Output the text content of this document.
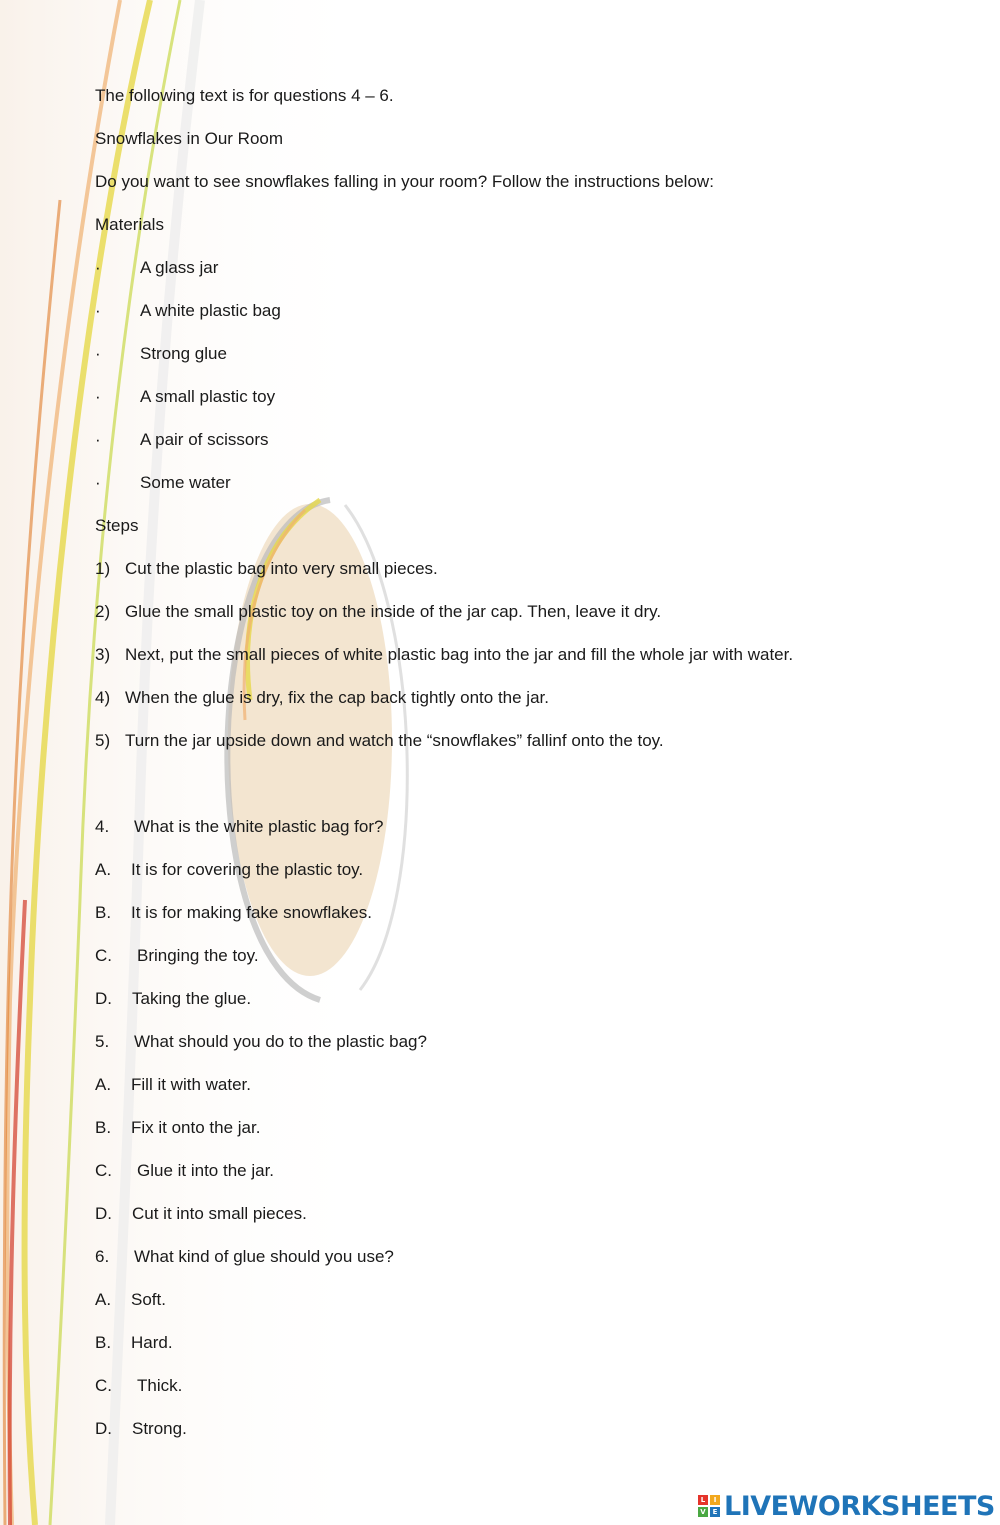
The following text is for questions 4 – 6.
Snowflakes in Our Room
Do you want to see snowflakes falling in your room? Follow the instructions below:
Materials
· A glass jar
· A white plastic bag
· Strong glue
· A small plastic toy
· A pair of scissors
· Some water
Steps
1) Cut the plastic bag into very small pieces.
2) Glue the small plastic toy on the inside of the jar cap. Then, leave it dry.
3) Next, put the small pieces of white plastic bag into the jar and fill the whole jar with water.
4) When the glue is dry, fix the cap back tightly onto the jar.
5) Turn the jar upside down and watch the “snowflakes” fallinf onto the toy.
4. What is the white plastic bag for?
A. It is for covering the plastic toy.
B. It is for making fake snowflakes.
C. Bringing the toy.
D. Taking the glue.
5. What should you do to the plastic bag?
A. Fill it with water.
B. Fix it onto the jar.
C. Glue it into the jar.
D. Cut it into small pieces.
6. What kind of glue should you use?
A. Soft.
B. Hard.
C. Thick.
D. Strong.
L	I
V E LIVEWORKSHEETS
